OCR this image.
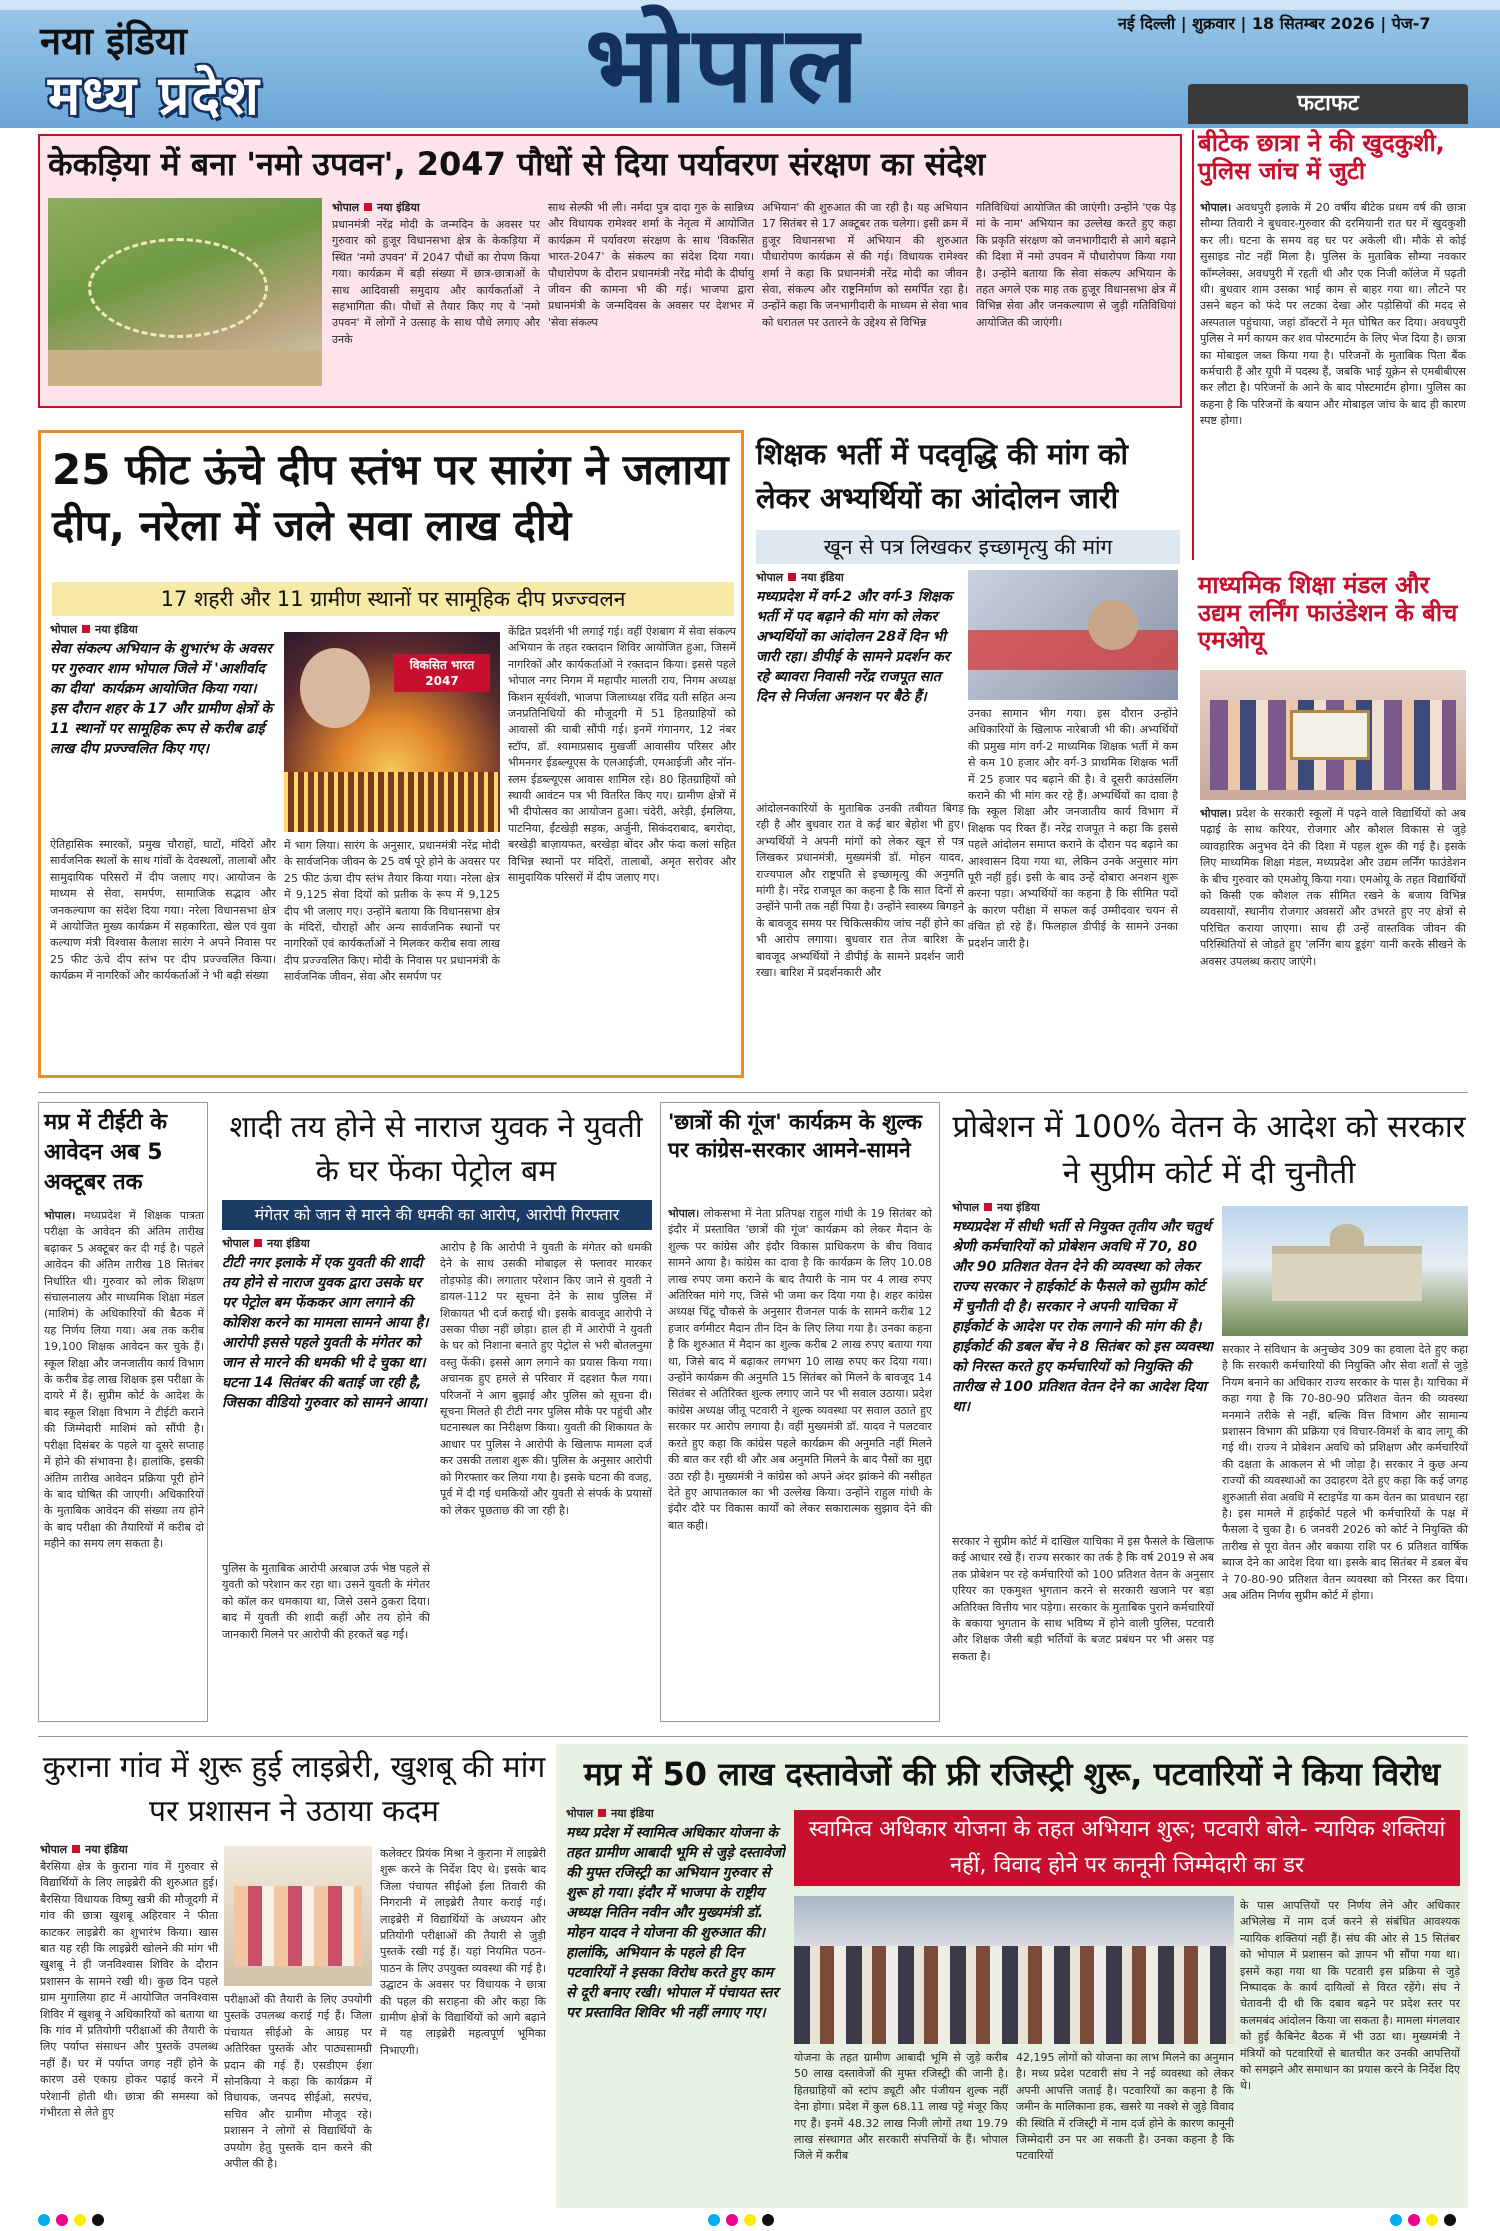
नया इंडिया
मध्य प्रदेश	भोपाल	नई दिल्ली | शुक्रवार | 18 सितम्बर 2026 | पेज-7
केकड़िया में बना 'नमो उपवन', 2047 पौधों से दिया पर्यावरण संरक्षण का संदेश
भोपाल नया इंडिया
प्रधानमंत्री नरेंद्र मोदी के जन्मदिन के अवसर पर गुरुवार को हुजूर विधानसभा क्षेत्र के केकड़िया में स्थित 'नमो उपवन' में 2047 पौधों का रोपण किया गया। कार्यक्रम में बड़ी संख्या में छात्र-छात्राओं के साथ आदिवासी समुदाय और कार्यकर्ताओं ने सहभागिता की। पौधों से तैयार किए गए ये 'नमो उपवन' में लोगों ने उत्साह के साथ पौधे लगाए और उनके
साथ सेल्फी भी ली। नर्मदा पुत्र दादा गुरु के सान्निध्य और विधायक रामेश्वर शर्मा के नेतृत्व में आयोजित कार्यक्रम में पर्यावरण संरक्षण के साथ 'विकसित भारत-2047' के संकल्प का संदेश दिया गया। पौधारोपण के दौरान प्रधानमंत्री नरेंद्र मोदी के दीर्घायु जीवन की कामना भी की गई। भाजपा द्वारा प्रधानमंत्री के जन्मदिवस के अवसर पर देशभर में 'सेवा संकल्प
अभियान' की शुरुआत की जा रही है। यह अभियान 17 सितंबर से 17 अक्टूबर तक चलेगा। इसी क्रम में हुजूर विधानसभा में अभियान की शुरुआत पौधारोपण कार्यक्रम से की गई। विधायक रामेश्वर शर्मा ने कहा कि प्रधानमंत्री नरेंद्र मोदी का जीवन सेवा, संकल्प और राष्ट्रनिर्माण को समर्पित रहा है। उन्होंने कहा कि जनभागीदारी के माध्यम से सेवा भाव को धरातल पर उतारने के उद्देश्य से विभिन्न
गतिविधियां आयोजित की जाएंगी। उन्होंने 'एक पेड़ मां के नाम' अभियान का उल्लेख करते हुए कहा कि प्रकृति संरक्षण को जनभागीदारी से आगे बढ़ाने की दिशा में नमो उपवन में पौधारोपण किया गया है। उन्होंने बताया कि सेवा संकल्प अभियान के तहत अगले एक माह तक हुजूर विधानसभा क्षेत्र में विभिन्न सेवा और जनकल्याण से जुड़ी गतिविधियां आयोजित की जाएंगी।
फटाफट
बीटेक छात्रा ने की खुदकुशी, पुलिस जांच में जुटी
भोपाल। अवधपुरी इलाके में 20 वर्षीय बीटेक प्रथम वर्ष की छात्रा सौम्या तिवारी ने बुधवार-गुरुवार की दरमियानी रात घर में खुदकुशी कर ली। घटना के समय वह घर पर अकेली थी। मौके से कोई सुसाइड नोट नहीं मिला है। पुलिस के मुताबिक सौम्या नवकार कॉम्प्लेक्स, अवधपुरी में रहती थी और एक निजी कॉलेज में पढ़ती थी। बुधवार शाम उसका भाई काम से बाहर गया था। लौटने पर उसने बहन को फंदे पर लटका देखा और पड़ोसियों की मदद से अस्पताल पहुंचाया, जहां डॉक्टरों ने मृत घोषित कर दिया। अवधपुरी पुलिस ने मर्ग कायम कर शव पोस्टमार्टम के लिए भेज दिया है। छात्रा का मोबाइल जब्त किया गया है। परिजनों के मुताबिक पिता बैंक कर्मचारी हैं और यूपी में पदस्थ हैं, जबकि भाई यूक्रेन से एमबीबीएस कर लौटा है। परिजनों के आने के बाद पोस्टमार्टम होगा। पुलिस का कहना है कि परिजनों के बयान और मोबाइल जांच के बाद ही कारण स्पष्ट होगा।
माध्यमिक शिक्षा मंडल और उद्यम लर्निंग फाउंडेशन के बीच एमओयू
भोपाल। प्रदेश के सरकारी स्कूलों में पढ़ने वाले विद्यार्थियों को अब पढ़ाई के साथ करियर, रोजगार और कौशल विकास से जुड़े व्यावहारिक अनुभव देने की दिशा में पहल शुरू की गई है। इसके लिए माध्यमिक शिक्षा मंडल, मध्यप्रदेश और उद्यम लर्निंग फाउंडेशन के बीच गुरुवार को एमओयू किया गया। एमओयू के तहत विद्यार्थियों को किसी एक कौशल तक सीमित रखने के बजाय विभिन्न व्यवसायों, स्थानीय रोजगार अवसरों और उभरते हुए नए क्षेत्रों से परिचित कराया जाएगा। साथ ही उन्हें वास्तविक जीवन की परिस्थितियों से जोड़ते हुए 'लर्निंग बाय डूइंग' यानी करके सीखने के अवसर उपलब्ध कराए जाएंगे।
25 फीट ऊंचे दीप स्तंभ पर सारंग ने जलाया दीप, नरेला में जले सवा लाख दीये
17 शहरी और 11 ग्रामीण स्थानों पर सामूहिक दीप प्रज्ज्वलन
भोपाल नया इंडिया
सेवा संकल्प अभियान के शुभारंभ के अवसर पर गुरुवार शाम भोपाल जिले में 'आशीर्वाद का दीया' कार्यक्रम आयोजित किया गया। इस दौरान शहर के 17 और ग्रामीण क्षेत्रों के 11 स्थानों पर सामूहिक रूप से करीब ढाई लाख दीप प्रज्ज्वलित किए गए।
ऐतिहासिक स्मारकों, प्रमुख चौराहों, घाटों, मंदिरों और सार्वजनिक स्थलों के साथ गांवों के देवस्थलों, तालाबों और सामुदायिक परिसरों में दीप जलाए गए। आयोजन के माध्यम से सेवा, समर्पण, सामाजिक सद्भाव और जनकल्याण का संदेश दिया गया। नरेला विधानसभा क्षेत्र में आयोजित मुख्य कार्यक्रम में सहकारिता, खेल एवं युवा कल्याण मंत्री विश्वास कैलाश सारंग ने अपने निवास पर 25 फीट ऊंचे दीप स्तंभ पर दीप प्रज्ज्वलित किया। कार्यक्रम में नागरिकों और कार्यकर्ताओं ने भी बढ़ी संख्या
विकसित भारत 2047
में भाग लिया। सारंग के अनुसार, प्रधानमंत्री नरेंद्र मोदी के सार्वजनिक जीवन के 25 वर्ष पूरे होने के अवसर पर 25 फीट ऊंचा दीप स्तंभ तैयार किया गया। नरेला क्षेत्र में 9,125 सेवा दियों को प्रतीक के रूप में 9,125 दीप भी जलाए गए। उन्होंने बताया कि विधानसभा क्षेत्र के मंदिरों, चौराहों और अन्य सार्वजनिक स्थानों पर नागरिकों एवं कार्यकर्ताओं ने मिलकर करीब सवा लाख दीप प्रज्ज्वलित किए। मोदी के निवास पर प्रधानमंत्री के सार्वजनिक जीवन, सेवा और समर्पण पर
केंद्रित प्रदर्शनी भी लगाई गई। वहीं ऐशबाग में सेवा संकल्प अभियान के तहत रक्तदान शिविर आयोजित हुआ, जिसमें नागरिकों और कार्यकर्ताओं ने रक्तदान किया। इससे पहले भोपाल नगर निगम में महापौर मालती राय, निगम अध्यक्ष किशन सूर्यवंशी, भाजपा जिलाध्यक्ष रविंद्र यती सहित अन्य जनप्रतिनिधियों की मौजूदगी में 51 हितग्राहियों को आवासों की चाबी सौंपी गई। इनमें गंगानगर, 12 नंबर स्टॉप, डॉ. श्यामाप्रसाद मुखर्जी आवासीय परिसर और भीमनगर ईडब्ल्यूएस के एलआईजी, एमआईजी और नॉन-स्लम ईडब्ल्यूएस आवास शामिल रहे। 80 हितग्राहियों को स्थायी आवंटन पत्र भी वितरित किए गए। ग्रामीण क्षेत्रों में भी दीपोत्सव का आयोजन हुआ। चंदेरी, अरेड़ी, ईमलिया, पाटनिया, ईंटखेड़ी सड़क, अर्जुनी, सिकंदराबाद, बगरोदा, बरखेड़ी बाज़ायफत, बरखेड़ा बोंदर और फंदा कलां सहित विभिन्न स्थानों पर मंदिरों, तालाबों, अमृत सरोवर और सामुदायिक परिसरों में दीप जलाए गए।
शिक्षक भर्ती में पदवृद्धि की मांग को लेकर अभ्यर्थियों का आंदोलन जारी
खून से पत्र लिखकर इच्छामृत्यु की मांग
भोपाल नया इंडिया
मध्यप्रदेश में वर्ग-2 और वर्ग-3 शिक्षक भर्ती में पद बढ़ाने की मांग को लेकर अभ्यर्थियों का आंदोलन 28वें दिन भी जारी रहा। डीपीई के सामने प्रदर्शन कर रहे ब्यावरा निवासी नरेंद्र राजपूत सात दिन से निर्जला अनशन पर बैठे हैं।
आंदोलनकारियों के मुताबिक उनकी तबीयत बिगड़ रही है और बुधवार रात वे कई बार बेहोश भी हुए। अभ्यर्थियों ने अपनी मांगों को लेकर खून से पत्र लिखकर प्रधानमंत्री, मुख्यमंत्री डॉ. मोहन यादव, राज्यपाल और राष्ट्रपति से इच्छामृत्यु की अनुमति मांगी है। नरेंद्र राजपूत का कहना है कि सात दिनों से उन्होंने पानी तक नहीं पिया है। उन्होंने स्वास्थ्य बिगड़ने के बावजूद समय पर चिकित्सकीय जांच नहीं होने का भी आरोप लगाया। बुधवार रात तेज बारिश के बावजूद अभ्यर्थियों ने डीपीई के सामने प्रदर्शन जारी रखा। बारिश में प्रदर्शनकारी और
उनका सामान भीग गया। इस दौरान उन्होंने अधिकारियों के खिलाफ नारेबाजी भी की। अभ्यर्थियों की प्रमुख मांग वर्ग-2 माध्यमिक शिक्षक भर्ती में कम से कम 10 हजार और वर्ग-3 प्राथमिक शिक्षक भर्ती में 25 हजार पद बढ़ाने की है। वे दूसरी काउंसलिंग कराने की भी मांग कर रहे हैं। अभ्यर्थियों का दावा है कि स्कूल शिक्षा और जनजातीय कार्य विभाग में शिक्षक पद रिक्त हैं। नरेंद्र राजपूत ने कहा कि इससे पहले आंदोलन समाप्त कराने के दौरान पद बढ़ाने का आश्वासन दिया गया था, लेकिन उनके अनुसार मांग पूरी नहीं हुई। इसी के बाद उन्हें दोबारा अनशन शुरू करना पड़ा। अभ्यर्थियों का कहना है कि सीमित पदों के कारण परीक्षा में सफल कई उम्मीदवार चयन से वंचित हो रहे हैं। फिलहाल डीपीई के सामने उनका प्रदर्शन जारी है।
मप्र में टीईटी के आवेदन अब 5 अक्टूबर तक
भोपाल। मध्यप्रदेश में शिक्षक पात्रता परीक्षा के आवेदन की अंतिम तारीख बढ़ाकर 5 अक्टूबर कर दी गई है। पहले आवेदन की अंतिम तारीख 18 सितंबर निर्धारित थी। गुरुवार को लोक शिक्षण संचालनालय और माध्यमिक शिक्षा मंडल (माशिमं) के अधिकारियों की बैठक में यह निर्णय लिया गया। अब तक करीब 19,100 शिक्षक आवेदन कर चुके हैं। स्कूल शिक्षा और जनजातीय कार्य विभाग के करीब डेढ़ लाख शिक्षक इस परीक्षा के दायरे में हैं। सुप्रीम कोर्ट के आदेश के बाद स्कूल शिक्षा विभाग ने टीईटी कराने की जिम्मेदारी माशिमं को सौंपी है। परीक्षा दिसंबर के पहले या दूसरे सप्ताह में होने की संभावना है। हालांकि, इसकी अंतिम तारीख आवेदन प्रक्रिया पूरी होने के बाद घोषित की जाएगी। अधिकारियों के मुताबिक आवेदन की संख्या तय होने के बाद परीक्षा की तैयारियों में करीब दो महीने का समय लग सकता है।
शादी तय होने से नाराज युवक ने युवती के घर फेंका पेट्रोल बम
मंगेतर को जान से मारने की धमकी का आरोप, आरोपी गिरफ्तार
भोपाल नया इंडिया
टीटी नगर इलाके में एक युवती की शादी तय होने से नाराज युवक द्वारा उसके घर पर पेट्रोल बम फेंककर आग लगाने की कोशिश करने का मामला सामने आया है। आरोपी इससे पहले युवती के मंगेतर को जान से मारने की धमकी भी दे चुका था। घटना 14 सितंबर की बताई जा रही है, जिसका वीडियो गुरुवार को सामने आया।
पुलिस के मुताबिक आरोपी अरबाज उर्फ भेष्ठ पहले से युवती को परेशान कर रहा था। उसने युवती के मंगेतर को कॉल कर धमकाया था, जिसे उसने ठुकरा दिया। बाद में युवती की शादी कहीं और तय होने की जानकारी मिलने पर आरोपी की हरकतें बढ़ गईं।
आरोप है कि आरोपी ने युवती के मंगेतर को धमकी देने के साथ उसकी मोबाइल से फ्लावर मारकर तोड़फोड़ की। लगातार परेशान किए जाने से युवती ने डायल-112 पर सूचना देने के साथ पुलिस में शिकायत भी दर्ज कराई थी। इसके बावजूद आरोपी ने उसका पीछा नहीं छोड़ा। हाल ही में आरोपी ने युवती के घर को निशाना बनाते हुए पेट्रोल से भरी बोतलनुमा वस्तु फेंकी। इससे आग लगाने का प्रयास किया गया। अचानक हुए हमले से परिवार में दहशत फैल गया। परिजनों ने आग बुझाई और पुलिस को सूचना दी। सूचना मिलते ही टीटी नगर पुलिस मौके पर पहुंची और घटनास्थल का निरीक्षण किया। युवती की शिकायत के आधार पर पुलिस ने आरोपी के खिलाफ मामला दर्ज कर उसकी तलाश शुरू की। पुलिस के अनुसार आरोपी को गिरफ्तार कर लिया गया है। इसके घटना की वजह, पूर्व में दी गई धमकियों और युवती से संपर्क के प्रयासों को लेकर पूछताछ की जा रही है।
'छात्रों की गूंज' कार्यक्रम के शुल्क पर कांग्रेस-सरकार आमने-सामने
भोपाल। लोकसभा में नेता प्रतिपक्ष राहुल गांधी के 19 सितंबर को इंदौर में प्रस्तावित 'छात्रों की गूंज' कार्यक्रम को लेकर मैदान के शुल्क पर कांग्रेस और इंदौर विकास प्राधिकरण के बीच विवाद सामने आया है। कांग्रेस का दावा है कि कार्यक्रम के लिए 10.08 लाख रुपए जमा कराने के बाद तैयारी के नाम पर 4 लाख रुपए अतिरिक्त मांगे गए, जिसे भी जमा कर दिया गया है। शहर कांग्रेस अध्यक्ष चिंटू चौकसे के अनुसार रीजनल पार्क के सामने करीब 12 हजार वर्गमीटर मैदान तीन दिन के लिए लिया गया है। उनका कहना है कि शुरुआत में मैदान का शुल्क करीब 2 लाख रुपए बताया गया था, जिसे बाद में बढ़ाकर लगभग 10 लाख रुपए कर दिया गया। उन्होंने कार्यक्रम की अनुमति 15 सितंबर को मिलने के बावजूद 14 सितंबर से अतिरिक्त शुल्क लगाए जाने पर भी सवाल उठाया। प्रदेश कांग्रेस अध्यक्ष जीतू पटवारी ने शुल्क व्यवस्था पर सवाल उठाते हुए सरकार पर आरोप लगाया है। वहीं मुख्यमंत्री डॉ. यादव ने पलटवार करते हुए कहा कि कांग्रेस पहले कार्यक्रम की अनुमति नहीं मिलने की बात कर रही थी और अब अनुमति मिलने के बाद पैसों का मुद्दा उठा रही है। मुख्यमंत्री ने कांग्रेस को अपने अंदर झांकने की नसीहत देते हुए आपातकाल का भी उल्लेख किया। उन्होंने राहुल गांधी के इंदौर दौरे पर विकास कार्यों को लेकर सकारात्मक सुझाव देने की बात कही।
प्रोबेशन में 100% वेतन के आदेश को सरकार ने सुप्रीम कोर्ट में दी चुनौती
भोपाल नया इंडिया
मध्यप्रदेश में सीधी भर्ती से नियुक्त तृतीय और चतुर्थ श्रेणी कर्मचारियों को प्रोबेशन अवधि में 70, 80 और 90 प्रतिशत वेतन देने की व्यवस्था को लेकर राज्य सरकार ने हाईकोर्ट के फैसले को सुप्रीम कोर्ट में चुनौती दी है। सरकार ने अपनी याचिका में हाईकोर्ट के आदेश पर रोक लगाने की मांग की है। हाईकोर्ट की डबल बेंच ने 8 सितंबर को इस व्यवस्था को निरस्त करते हुए कर्मचारियों को नियुक्ति की तारीख से 100 प्रतिशत वेतन देने का आदेश दिया था।
सरकार ने संविधान के अनुच्छेद 309 का हवाला देते हुए कहा है कि सरकारी कर्मचारियों की नियुक्ति और सेवा शर्तों से जुड़े नियम बनाने का अधिकार राज्य सरकार के पास है। याचिका में कहा गया है कि 70-80-90 प्रतिशत वेतन की व्यवस्था मनमाने तरीके से नहीं, बल्कि वित्त विभाग और सामान्य प्रशासन विभाग की प्रक्रिया एवं विचार-विमर्श के बाद लागू की गई थी। राज्य ने प्रोबेशन अवधि को प्रशिक्षण और कर्मचारियों की दक्षता के आकलन से भी जोड़ा है। सरकार ने कुछ अन्य राज्यों की व्यवस्थाओं का उदाहरण देते हुए कहा कि कई जगह शुरुआती सेवा अवधि में स्टाइपेंड या कम वेतन का प्रावधान रहा है। इस मामले में हाईकोर्ट पहले भी कर्मचारियों के पक्ष में फैसला दे चुका है। 6 जनवरी 2026 को कोर्ट ने नियुक्ति की तारीख से पूरा वेतन और बकाया राशि पर 6 प्रतिशत वार्षिक ब्याज देने का आदेश दिया था। इसके बाद सितंबर में डबल बेंच ने 70-80-90 प्रतिशत वेतन व्यवस्था को निरस्त कर दिया। अब अंतिम निर्णय सुप्रीम कोर्ट में होगा।
सरकार ने सुप्रीम कोर्ट में दाखिल याचिका में इस फैसले के खिलाफ कई आधार रखे हैं। राज्य सरकार का तर्क है कि वर्ष 2019 से अब तक प्रोबेशन पर रहे कर्मचारियों को 100 प्रतिशत वेतन के अनुसार एरियर का एकमुश्त भुगतान करने से सरकारी खजाने पर बड़ा अतिरिक्त वित्तीय भार पड़ेगा। सरकार के मुताबिक पुराने कर्मचारियों के बकाया भुगतान के साथ भविष्य में होने वाली पुलिस, पटवारी और शिक्षक जैसी बड़ी भर्तियों के बजट प्रबंधन पर भी असर पड़ सकता है।
कुराना गांव में शुरू हुई लाइब्रेरी, खुशबू की मांग पर प्रशासन ने उठाया कदम
भोपाल नया इंडिया
बैरसिया क्षेत्र के कुराना गांव में गुरुवार से विद्यार्थियों के लिए लाइब्रेरी की शुरुआत हुई। बैरसिया विधायक विष्णु खत्री की मौजूदगी में गांव की छात्रा खुशबू अहिरवार ने फीता काटकर लाइब्रेरी का शुभारंभ किया। खास बात यह रही कि लाइब्रेरी खोलने की मांग भी खुशबू ने ही जनविश्वास शिविर के दौरान प्रशासन के सामने रखी थी। कुछ दिन पहले ग्राम मुगालिया हाट में आयोजित जनविश्वास शिविर में खुशबू ने अधिकारियों को बताया था कि गांव में प्रतियोगी परीक्षाओं की तैयारी के लिए पर्याप्त संसाधन और पुस्तकें उपलब्ध नहीं हैं। घर में पर्याप्त जगह नहीं होने के कारण उसे एकाग्र होकर पढ़ाई करने में परेशानी होती थी। छात्रा की समस्या को गंभीरता से लेते हुए
परीक्षाओं की तैयारी के लिए उपयोगी पुस्तकें उपलब्ध कराई गई हैं। जिला पंचायत सीईओ के आग्रह पर अतिरिक्त पुस्तकें और पाठ्यसामग्री प्रदान की गई हैं। एसडीएम ईशा सोनकिया ने कहा कि कार्यक्रम में विधायक, जनपद सीईओ, सरपंच, सचिव और ग्रामीण मौजूद रहे। प्रशासन ने लोगों से विद्यार्थियों के उपयोग हेतु पुस्तकें दान करने की अपील की है।
कलेक्टर प्रियंक मिश्रा ने कुराना में लाइब्रेरी शुरू करने के निर्देश दिए थे। इसके बाद जिला पंचायत सीईओ ईला तिवारी की निगरानी में लाइब्रेरी तैयार कराई गई। लाइब्रेरी में विद्यार्थियों के अध्ययन और प्रतियोगी परीक्षाओं की तैयारी से जुड़ी पुस्तकें रखी गई हैं। यहां नियमित पठन-पाठन के लिए उपयुक्त व्यवस्था की गई है। उद्घाटन के अवसर पर विधायक ने छात्रा की पहल की सराहना की और कहा कि ग्रामीण क्षेत्रों के विद्यार्थियों को आगे बढ़ाने में यह लाइब्रेरी महत्वपूर्ण भूमिका निभाएगी।
मप्र में 50 लाख दस्तावेजों की फ्री रजिस्ट्री शुरू, पटवारियों ने किया विरोध
भोपाल नया इंडिया
मध्य प्रदेश में स्वामित्व अधिकार योजना के तहत ग्रामीण आबादी भूमि से जुड़े दस्तावेजों की मुफ्त रजिस्ट्री का अभियान गुरुवार से शुरू हो गया। इंदौर में भाजपा के राष्ट्रीय अध्यक्ष नितिन नवीन और मुख्यमंत्री डॉ. मोहन यादव ने योजना की शुरुआत की। हालांकि, अभियान के पहले ही दिन पटवारियों ने इसका विरोध करते हुए काम से दूरी बनाए रखी। भोपाल में पंचायत स्तर पर प्रस्तावित शिविर भी नहीं लगाए गए।
स्वामित्व अधिकार योजना के तहत अभियान शुरू; पटवारी बोले- न्यायिक शक्तियां नहीं, विवाद होने पर कानूनी जिम्मेदारी का डर
के पास आपत्तियों पर निर्णय लेने और अधिकार अभिलेख में नाम दर्ज करने से संबंधित आवश्यक न्यायिक शक्तियां नहीं हैं। संघ की ओर से 15 सितंबर को भोपाल में प्रशासन को ज्ञापन भी सौंपा गया था। इसमें कहा गया था कि पटवारी इस प्रक्रिया से जुड़े निष्पादक के कार्य दायित्वों से विरत रहेंगे। संघ ने चेतावनी दी थी कि दबाव बढ़ने पर प्रदेश स्तर पर कलमबंद आंदोलन किया जा सकता है। मामला मंगलवार को हुई कैबिनेट बैठक में भी उठा था। मुख्यमंत्री ने मंत्रियों को पटवारियों से बातचीत कर उनकी आपत्तियों को समझने और समाधान का प्रयास करने के निर्देश दिए थे।
योजना के तहत ग्रामीण आबादी भूमि से जुड़े करीब 50 लाख दस्तावेजों की मुफ्त रजिस्ट्री की जानी है। हितग्राहियों को स्टांप ड्यूटी और पंजीयन शुल्क नहीं देना होगा। प्रदेश में कुल 68.11 लाख पट्टे मंजूर किए गए हैं। इनमें 48.32 लाख निजी लोगों तथा 19.79 लाख संस्थागत और सरकारी संपत्तियों के हैं। भोपाल जिले में करीब
42,195 लोगों को योजना का लाभ मिलने का अनुमान है। मध्य प्रदेश पटवारी संघ ने नई व्यवस्था को लेकर अपनी आपत्ति जताई है। पटवारियों का कहना है कि जमीन के मालिकाना हक, खसरे या नक्शे से जुड़े विवाद की स्थिति में रजिस्ट्री में नाम दर्ज होने के कारण कानूनी जिम्मेदारी उन पर आ सकती है। उनका कहना है कि पटवारियों
